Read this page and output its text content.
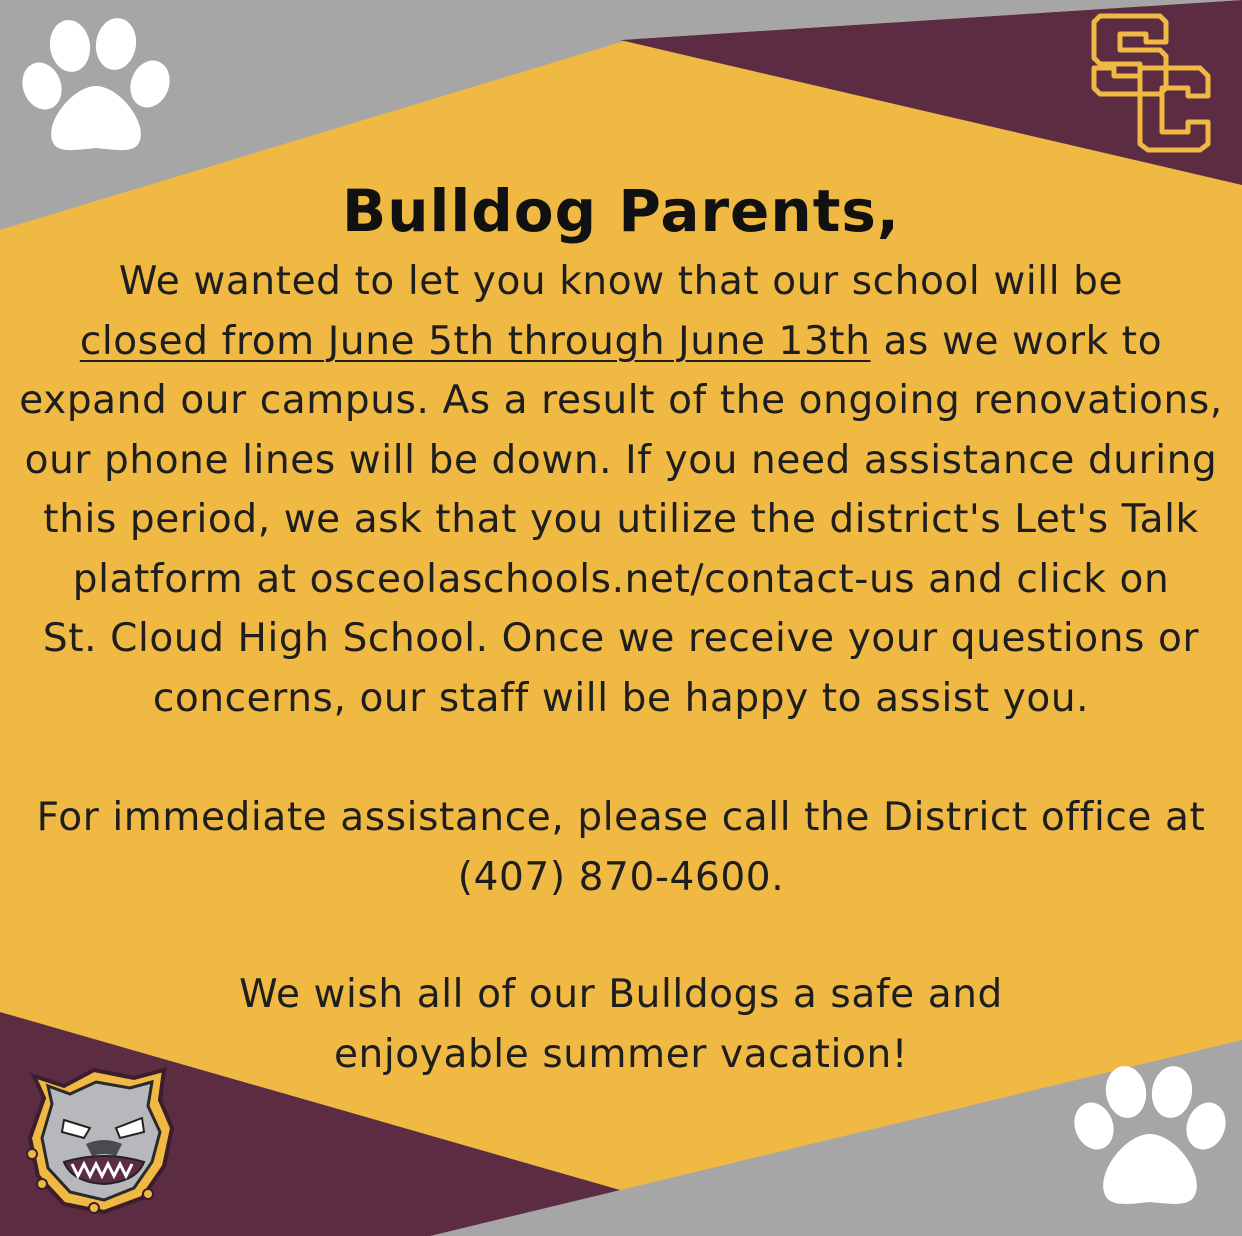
Bulldog Parents,

We wanted to let you know that our school will be
closed from June 5th through June 13th as we work to
expand our campus. As a result of the ongoing renovations,
our phone lines will be down. If you need assistance during
this period, we ask that you utilize the district's Let's Talk
platform at osceolaschools.net/contact-us and click on
St. Cloud High School. Once we receive your questions or
concerns, our staff will be happy to assist you.

For immediate assistance, please call the District office at
(407) 870-4600.

We wish all of our Bulldogs a safe and
enjoyable summer vacation!
